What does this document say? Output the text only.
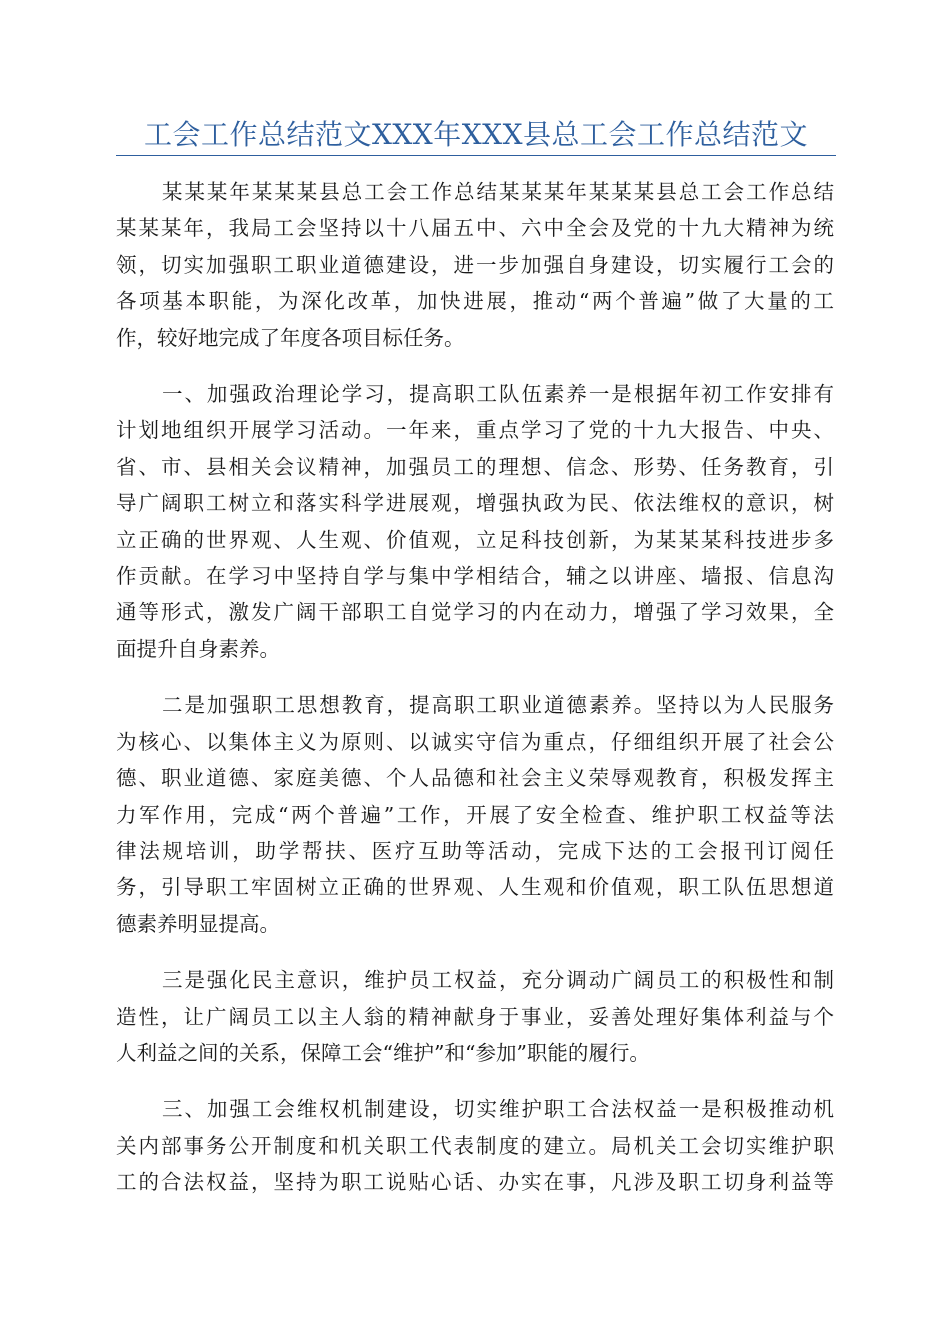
工会工作总结范文XXX年XXX县总工会工作总结范文

某某某年某某某县总工会工作总结某某某年某某某县总工会工作总结
某某某年，我局工会坚持以十八届五中、六中全会及党的十九大精神为统
领，切实加强职工职业道德建设，进一步加强自身建设，切实履行工会的
各项基本职能，为深化改革，加快进展，推动“两个普遍”做了大量的工
作，较好地完成了年度各项目标任务。

一、加强政治理论学习，提高职工队伍素养一是根据年初工作安排有
计划地组织开展学习活动。一年来，重点学习了党的十九大报告、中央、
省、市、县相关会议精神，加强员工的理想、信念、形势、任务教育，引
导广阔职工树立和落实科学进展观，增强执政为民、依法维权的意识，树
立正确的世界观、人生观、价值观，立足科技创新，为某某某科技进步多
作贡献。在学习中坚持自学与集中学相结合，辅之以讲座、墙报、信息沟
通等形式，激发广阔干部职工自觉学习的内在动力，增强了学习效果，全
面提升自身素养。

二是加强职工思想教育，提高职工职业道德素养。坚持以为人民服务
为核心、以集体主义为原则、以诚实守信为重点，仔细组织开展了社会公
德、职业道德、家庭美德、个人品德和社会主义荣辱观教育，积极发挥主
力军作用，完成“两个普遍”工作，开展了安全检查、维护职工权益等法
律法规培训，助学帮扶、医疗互助等活动，完成下达的工会报刊订阅任
务，引导职工牢固树立正确的世界观、人生观和价值观，职工队伍思想道
德素养明显提高。

三是强化民主意识，维护员工权益，充分调动广阔员工的积极性和制
造性，让广阔员工以主人翁的精神献身于事业，妥善处理好集体利益与个
人利益之间的关系，保障工会“维护”和“参加”职能的履行。

三、加强工会维权机制建设，切实维护职工合法权益一是积极推动机
关内部事务公开制度和机关职工代表制度的建立。局机关工会切实维护职
工的合法权益，坚持为职工说贴心话、办实在事，凡涉及职工切身利益等
